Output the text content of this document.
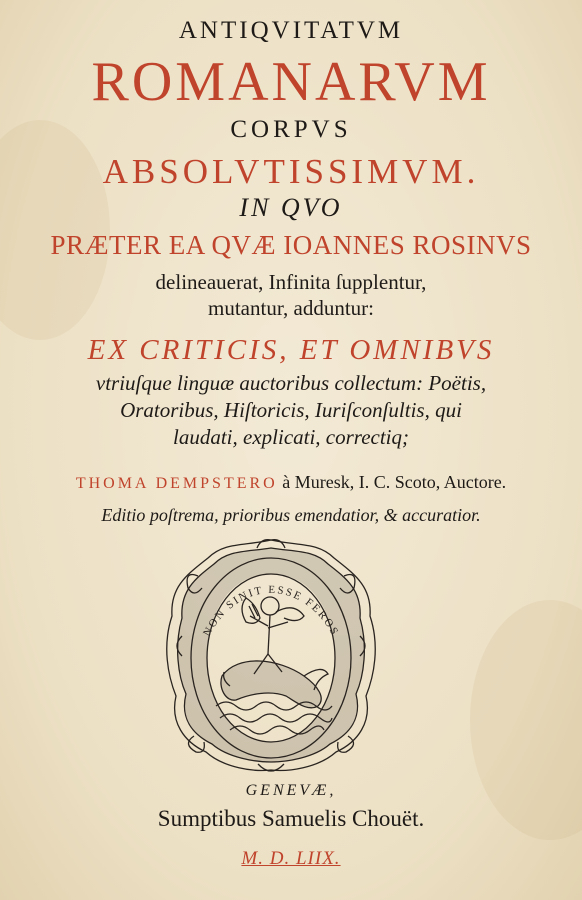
ANTIQVITATVM
ROMANARVM
CORPVS
ABSOLVTISSIMVM.
IN QVO
PRÆTER EA QVÆ IOANNES ROSINVS
delineauerat, Infinita ſupplentur,
mutantur, adduntur:
EX CRITICIS, ET OMNIBVS
vtriuſque linguæ auctoribus collectum: Poëtis,
Oratoribus, Hiſtoricis, Iuriſconſultis, qui
laudati, explicati, correctiq;
THOMA DEMPSTERO à Muresk, I. C. Scoto, Auctore.
Editio poſtrema, prioribus emendatior, & accuratior.
NON SINIT ESSE FEROS
GENEVÆ,
Sumptibus Samuelis Chouët.
M. D. LIIX.
